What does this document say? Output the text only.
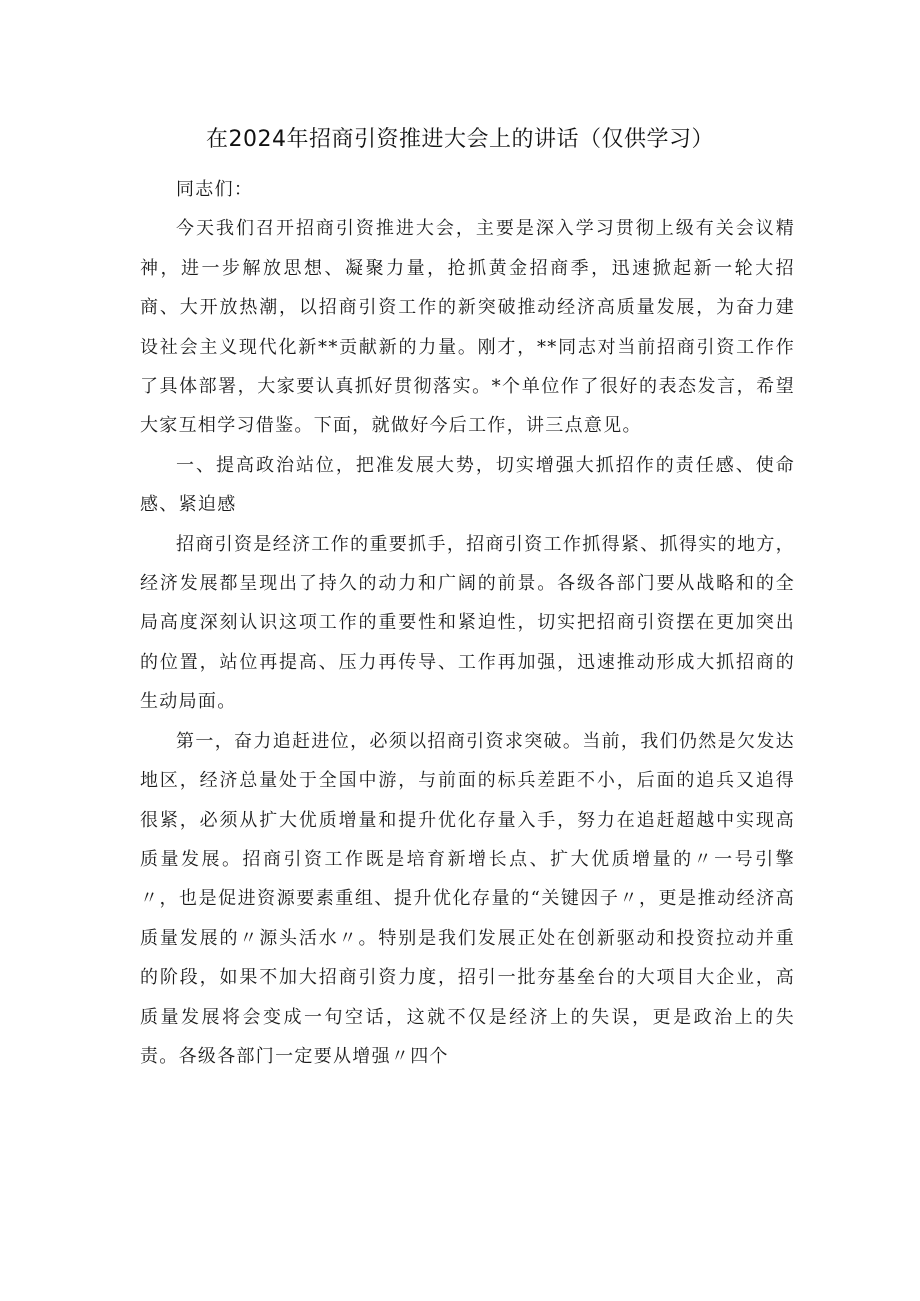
在2024年招商引资推进大会上的讲话（仅供学习）

同志们：

今天我们召开招商引资推进大会，主要是深入学习贯彻上级有关会议精神，进一步解放思想、凝聚力量，抢抓黄金招商季，迅速掀起新一轮大招商、大开放热潮，以招商引资工作的新突破推动经济高质量发展，为奋力建设社会主义现代化新**贡献新的力量。刚才，**同志对当前招商引资工作作了具体部署，大家要认真抓好贯彻落实。*个单位作了很好的表态发言，希望大家互相学习借鉴。下面，就做好今后工作，讲三点意见。

一、提高政治站位，把准发展大势，切实增强大抓招作的责任感、使命感、紧迫感

招商引资是经济工作的重要抓手，招商引资工作抓得紧、抓得实的地方，经济发展都呈现出了持久的动力和广阔的前景。各级各部门要从战略和的全局高度深刻认识这项工作的重要性和紧迫性，切实把招商引资摆在更加突出的位置，站位再提高、压力再传导、工作再加强，迅速推动形成大抓招商的生动局面。

第一，奋力追赶进位，必须以招商引资求突破。当前，我们仍然是欠发达地区，经济总量处于全国中游，与前面的标兵差距不小，后面的追兵又追得很紧，必须从扩大优质增量和提升优化存量入手，努力在追赶超越中实现高质量发展。招商引资工作既是培育新增长点、扩大优质增量的〃一号引擎〃，也是促进资源要素重组、提升优化存量的“关键因子〃，更是推动经济高质量发展的〃源头活水〃。特别是我们发展正处在创新驱动和投资拉动并重的阶段，如果不加大招商引资力度，招引一批夯基垒台的大项目大企业，高质量发展将会变成一句空话，这就不仅是经济上的失误，更是政治上的失责。各级各部门一定要从增强〃四个
